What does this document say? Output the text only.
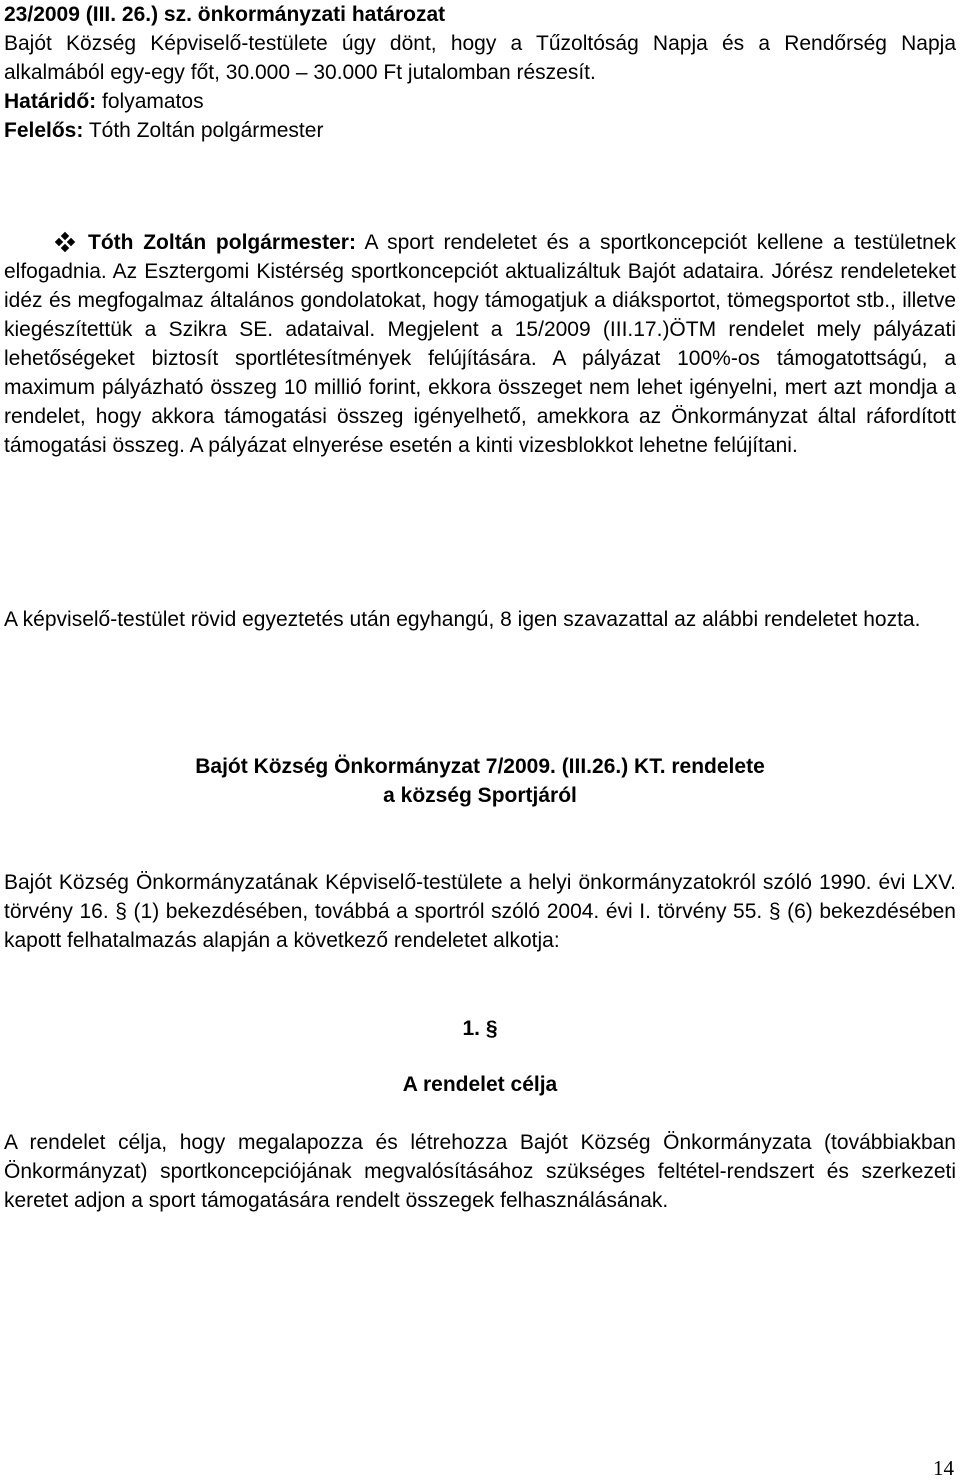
23/2009 (III. 26.) sz. önkormányzati határozat
Bajót Község Képviselő-testülete úgy dönt, hogy a Tűzoltóság Napja és a Rendőrség Napja alkalmából egy-egy főt, 30.000 – 30.000 Ft jutalomban részesít.
Határidő: folyamatos
Felelős: Tóth Zoltán polgármester
Tóth Zoltán polgármester: A sport rendeletet és a sportkoncepciót kellene a testületnek elfogadnia. Az Esztergomi Kistérség sportkoncepciót aktualizáltuk Bajót adataira. Jórész rendeleteket idéz és megfogalmaz általános gondolatokat, hogy támogatjuk a diáksportot, tömegsportot stb., illetve kiegészítettük a Szikra SE. adataival. Megjelent a 15/2009 (III.17.)ÖTM rendelet mely pályázati lehetőségeket biztosít sportlétesítmények felújítására. A pályázat 100%-os támogatottságú, a maximum pályázható összeg 10 millió forint, ekkora összeget nem lehet igényelni, mert azt mondja a rendelet, hogy akkora támogatási összeg igényelhető, amekkora az Önkormányzat által ráfordított támogatási összeg. A pályázat elnyerése esetén a kinti vizesblokkot lehetne felújítani.
A képviselő-testület rövid egyeztetés után egyhangú, 8 igen szavazattal az alábbi rendeletet hozta.
Bajót Község Önkormányzat 7/2009. (III.26.) KT. rendelete
a község Sportjáról
Bajót Község Önkormányzatának Képviselő-testülete a helyi önkormányzatokról szóló 1990. évi LXV. törvény 16. § (1) bekezdésében, továbbá a sportról szóló 2004. évi I. törvény 55. § (6) bekezdésében kapott felhatalmazás alapján a következő rendeletet alkotja:
1. §
A rendelet célja
A rendelet célja, hogy megalapozza és létrehozza Bajót Község Önkormányzata (továbbiakban Önkormányzat) sportkoncepciójának megvalósításához szükséges feltétel-rendszert és szerkezeti keretet adjon a sport támogatására rendelt összegek felhasználásának.
14
